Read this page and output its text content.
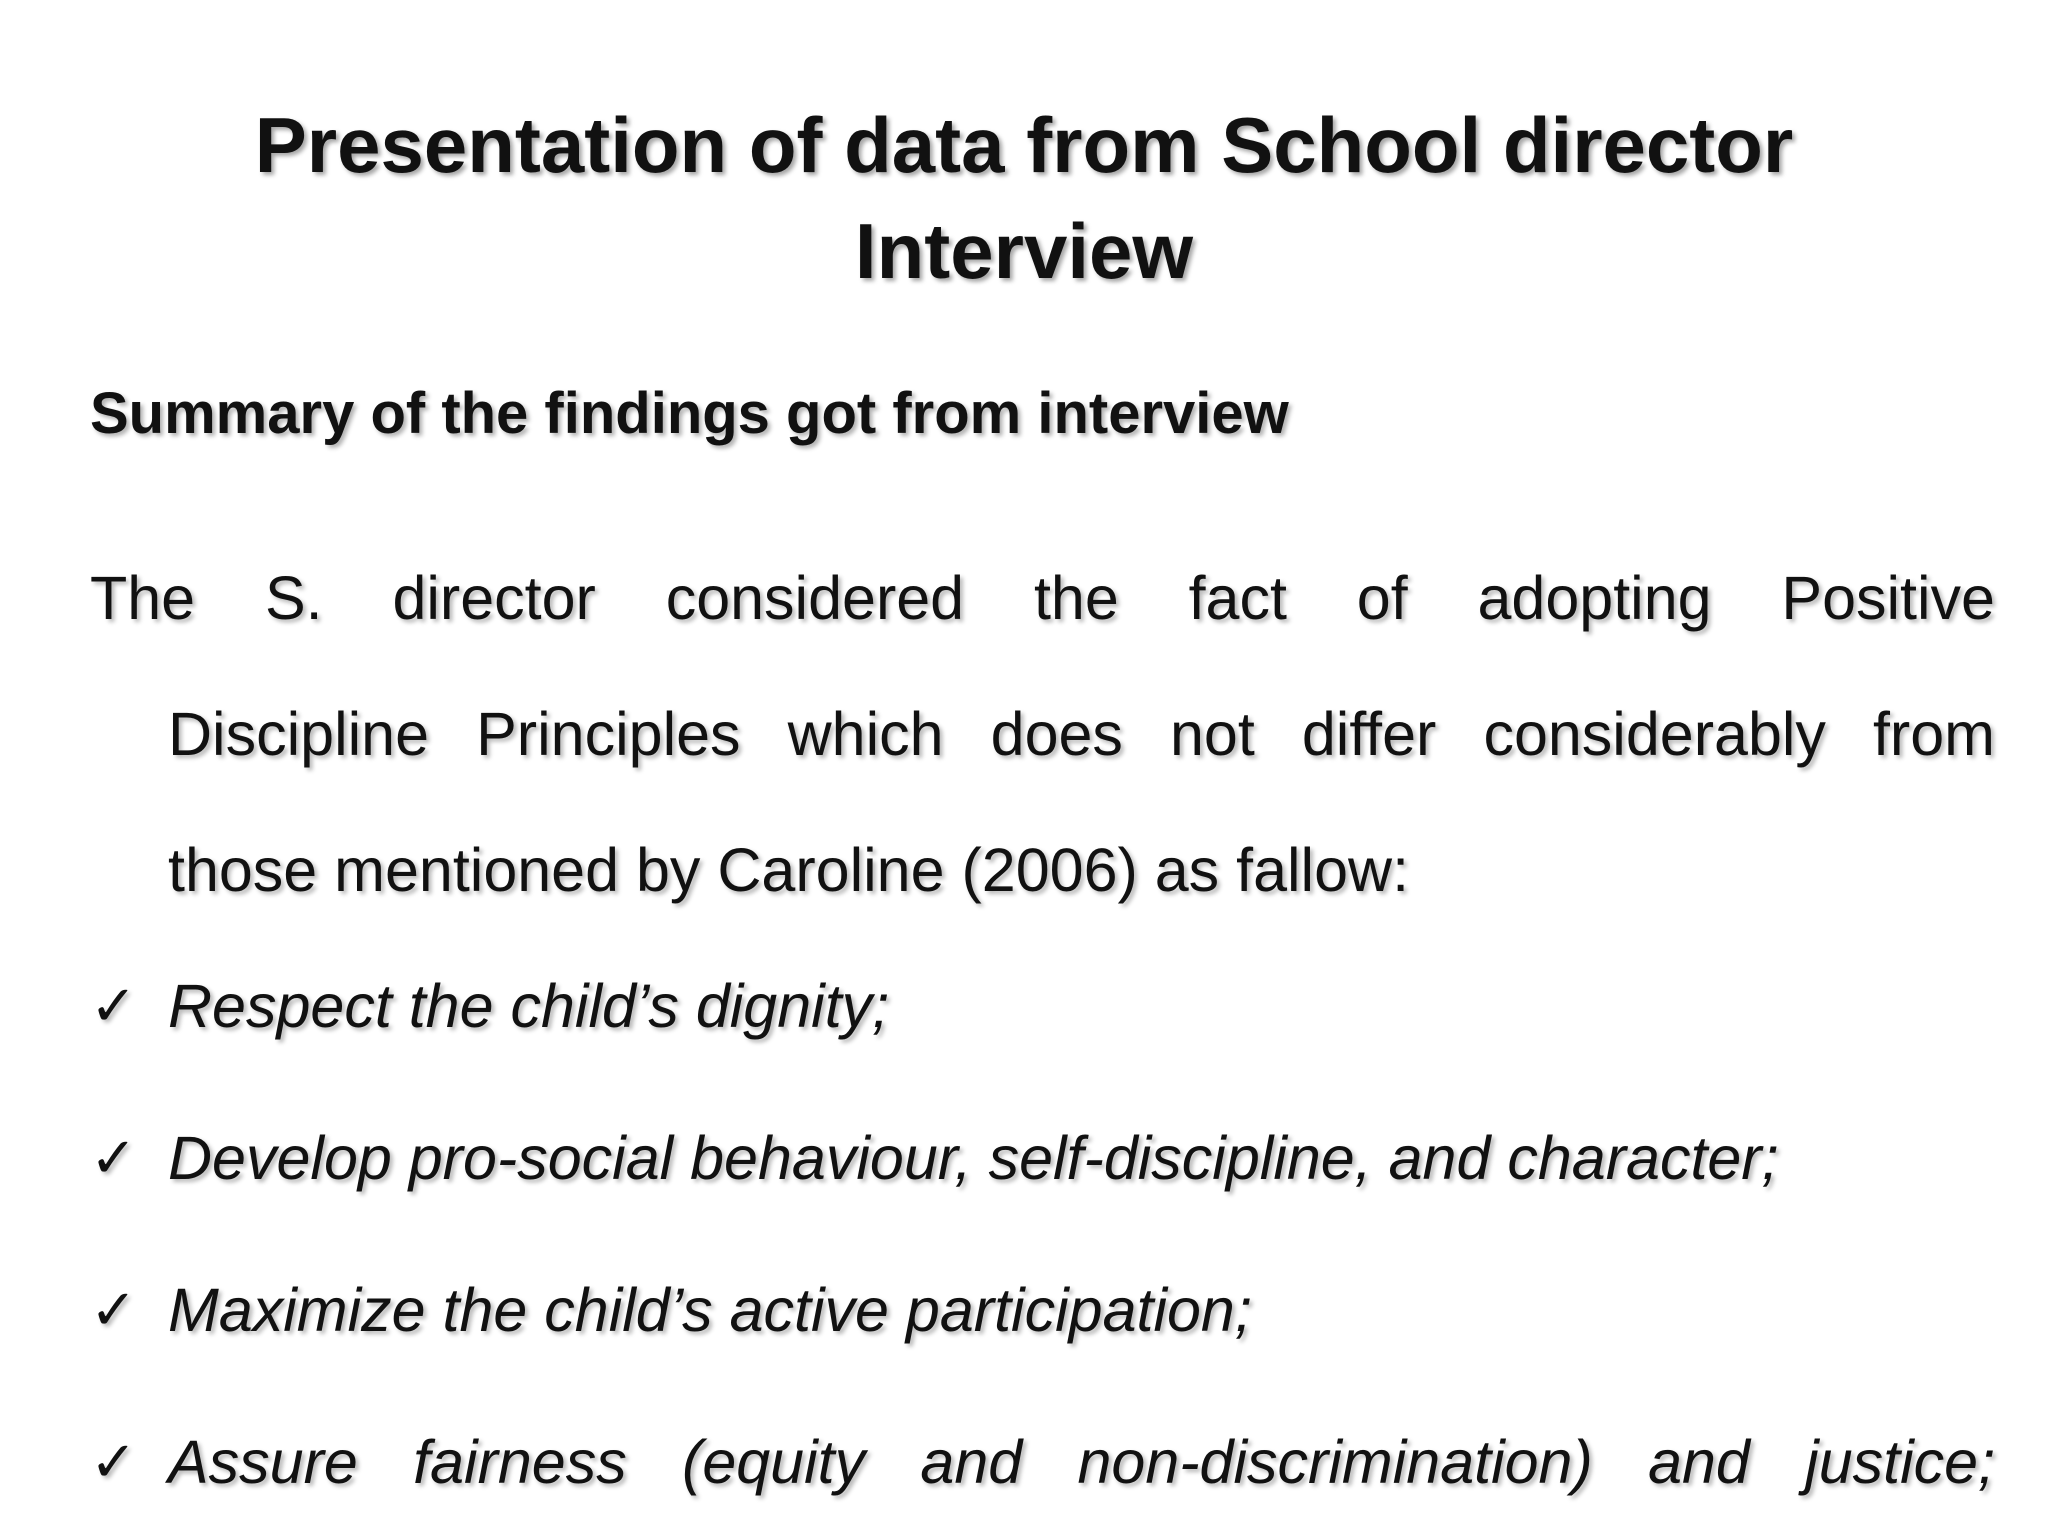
Presentation of data from School director
Interview
Summary of the findings got from interview
The S. director considered the fact of adopting Positive
Discipline Principles which does not differ considerably from
those mentioned by Caroline (2006) as fallow:
✓ Respect the child’s dignity;
✓ Develop pro-social behaviour, self-discipline, and character;
✓ Maximize the child’s active participation;
✓ Assure fairness (equity and non-discrimination) and justice;
